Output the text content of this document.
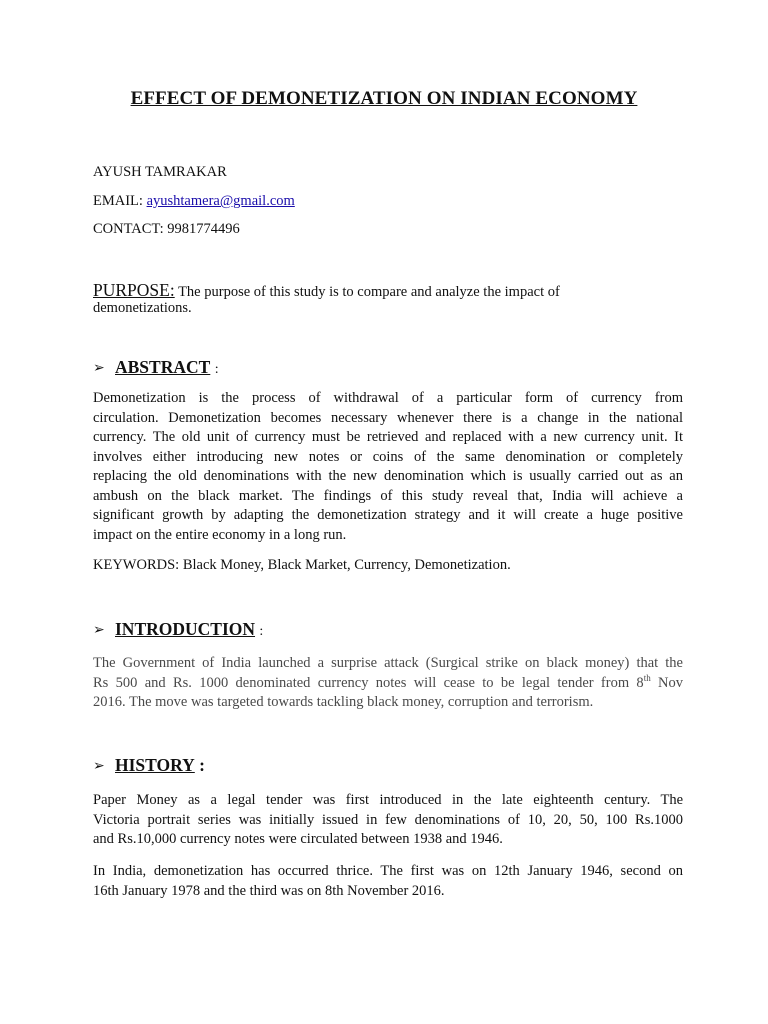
EFFECT OF DEMONETIZATION ON INDIAN ECONOMY
AYUSH TAMRAKAR
EMAIL: ayushtamera@gmail.com
CONTACT: 9981774496
PURPOSE: The purpose of this study is to compare and analyze the impact of
demonetizations.
➢ ABSTRACT :
Demonetization is the process of withdrawal of a particular form of currency from
circulation. Demonetization becomes necessary whenever there is a change in the national
currency. The old unit of currency must be retrieved and replaced with a new currency unit. It
involves either introducing new notes or coins of the same denomination or completely
replacing the old denominations with the new denomination which is usually carried out as an
ambush on the black market. The findings of this study reveal that, India will achieve a
significant growth by adapting the demonetization strategy and it will create a huge positive
impact on the entire economy in a long run.
KEYWORDS: Black Money, Black Market, Currency, Demonetization.
➢ INTRODUCTION :
The Government of India launched a surprise attack (Surgical strike on black money) that the
Rs 500 and Rs. 1000 denominated currency notes will cease to be legal tender from 8th Nov
2016. The move was targeted towards tackling black money, corruption and terrorism.
➢ HISTORY :
Paper Money as a legal tender was first introduced in the late eighteenth century. The
Victoria portrait series was initially issued in few denominations of 10, 20, 50, 100 Rs.1000
and Rs.10,000 currency notes were circulated between 1938 and 1946.
In India, demonetization has occurred thrice. The first was on 12th January 1946, second on
16th January 1978 and the third was on 8th November 2016.
